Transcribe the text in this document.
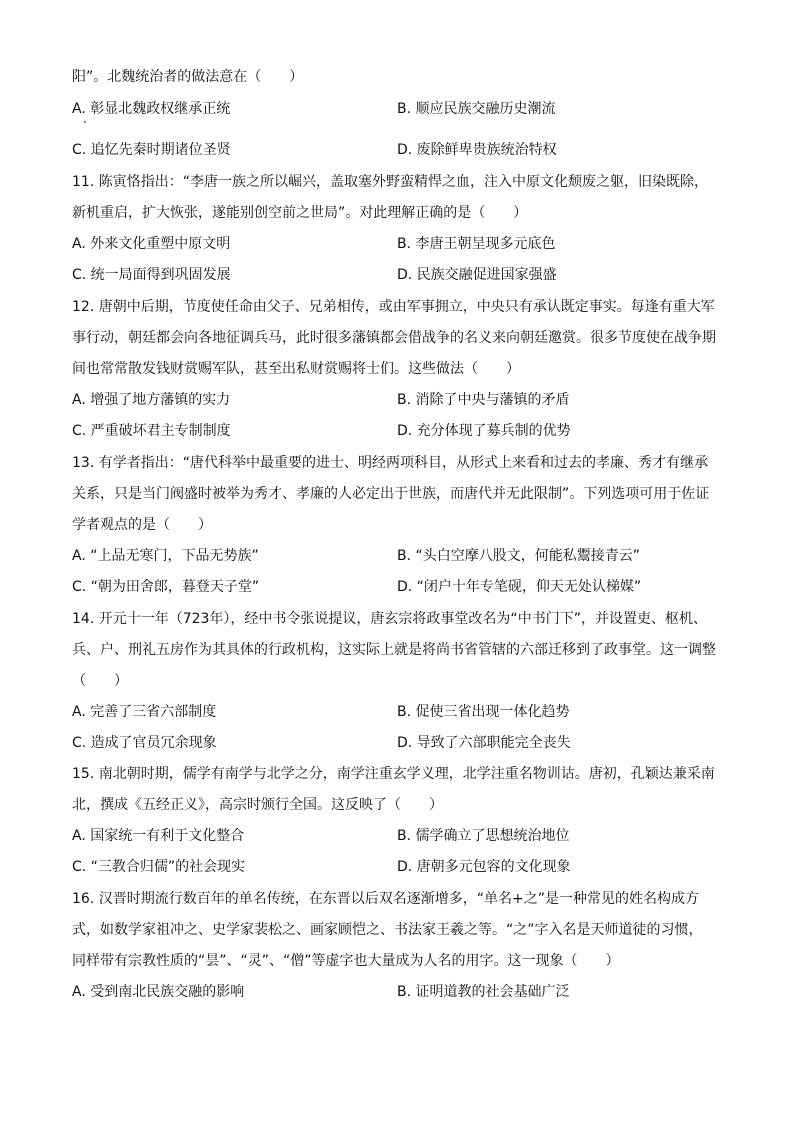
阳”。北魏统治者的做法意在（　　）
A. 彰显北魏政权继承正统	B. 顺应民族交融历史潮流
C. 追忆先秦时期诸位圣贤	D. 废除鲜卑贵族统治特权
11. 陈寅恪指出：“李唐一族之所以崛兴，盖取塞外野蛮精悍之血，注入中原文化颓废之躯，旧染既除，
新机重启，扩大恢张，遂能别创空前之世局”。对此理解正确的是（　　）
A. 外来文化重塑中原文明	B. 李唐王朝呈现多元底色
C. 统一局面得到巩固发展	D. 民族交融促进国家强盛
12. 唐朝中后期，节度使任命由父子、兄弟相传，或由军事拥立，中央只有承认既定事实。每逢有重大军
事行动，朝廷都会向各地征调兵马，此时很多藩镇都会借战争的名义来向朝廷邀赏。很多节度使在战争期
间也常常散发钱财赏赐军队，甚至出私财赏赐将士们。这些做法（　　）
A. 增强了地方藩镇的实力	B. 消除了中央与藩镇的矛盾
C. 严重破坏君主专制制度	D. 充分体现了募兵制的优势
13. 有学者指出：“唐代科举中最重要的进士、明经两项科目，从形式上来看和过去的孝廉、秀才有继承
关系，只是当门阀盛时被举为秀才、孝廉的人必定出于世族，而唐代并无此限制”。下列选项可用于佐证
学者观点的是（　　）
A. “上品无寒门，下品无势族”	B. “头白空摩八股文，何能私鬻接青云”
C. “朝为田舍郎，暮登天子堂”	D. “闭户十年专笔砚，仰天无处认梯媒”
14. 开元十一年（723年），经中书令张说提议，唐玄宗将政事堂改名为“中书门下”，并设置吏、枢机、
兵、户、刑礼五房作为其具体的行政机构，这实际上就是将尚书省管辖的六部迁移到了政事堂。这一调整
（　　）
A. 完善了三省六部制度	B. 促使三省出现一体化趋势
C. 造成了官员冗余现象	D. 导致了六部职能完全丧失
15. 南北朝时期，儒学有南学与北学之分，南学注重玄学义理，北学注重名物训诂。唐初，孔颖达兼采南
北，撰成《五经正义》，高宗时颁行全国。这反映了（　　）
A. 国家统一有利于文化整合	B. 儒学确立了思想统治地位
C. “三教合归儒”的社会现实	D. 唐朝多元包容的文化现象
16. 汉晋时期流行数百年的单名传统，在东晋以后双名逐渐增多，“单名+之”是一种常见的姓名构成方
式，如数学家祖冲之、史学家裴松之、画家顾恺之、书法家王羲之等。“之”字入名是天师道徒的习惯，
同样带有宗教性质的“昙”、“灵”、“僧”等虚字也大量成为人名的用字。这一现象（　　）
A. 受到南北民族交融的影响	B. 证明道教的社会基础广泛
